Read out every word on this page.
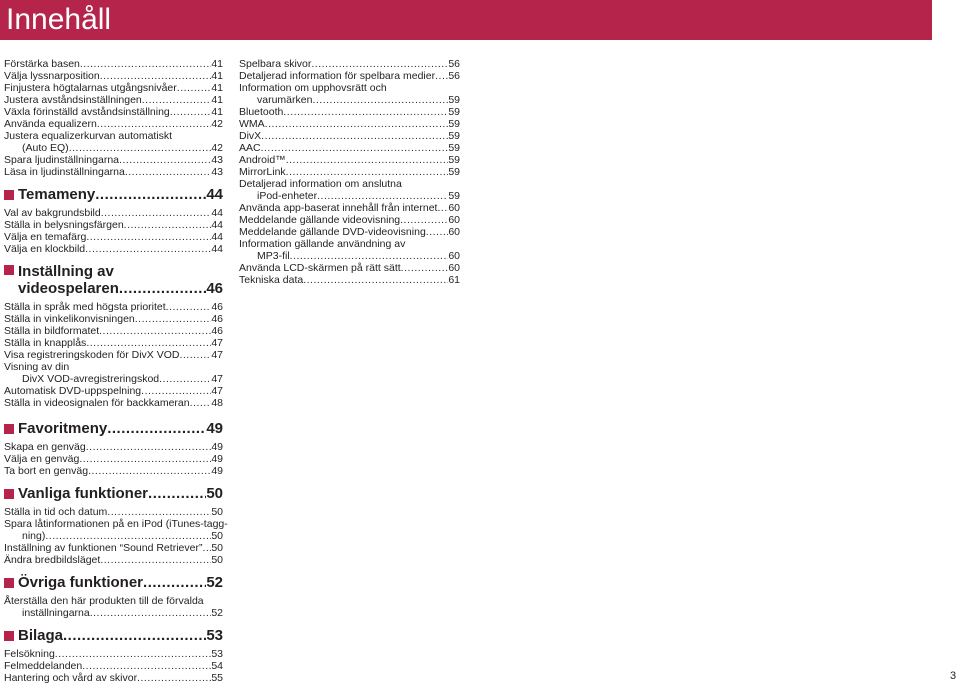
Innehåll
Förstärka basen .....	41
Välja lyssnarposition .....	41
Finjustera högtalarnas utgångsnivåer .....	41
Justera avståndsinställningen .....	41
Växla förinställd avståndsinställning .....	41
Använda equalizern .....	42
Justera equalizerkurvan automatiskt
(Auto EQ) .....	42
Spara ljudinställningarna .....	43
Läsa in ljudinställningarna .....	43
Temameny .....	44
Val av bakgrundsbild .....	44
Ställa in belysningsfärgen .....	44
Välja en temafärg .....	44
Välja en klockbild .....	44
Inställning av
videospelaren .....	46
Ställa in språk med högsta prioritet .....	46
Ställa in vinkelikonvisningen .....	46
Ställa in bildformatet .....	46
Ställa in knapplås .....	47
Visa registreringskoden för DivX VOD .....	47
Visning av din
DivX VOD-avregistreringskod .....	47
Automatisk DVD-uppspelning .....	47
Ställa in videosignalen för backkameran ..... 48
Favoritmeny .....	49
Skapa en genväg .....	49
Välja en genväg .....	49
Ta bort en genväg .....	49
Vanliga funktioner .....	50
Ställa in tid och datum .....	50
Spara låtinformationen på en iPod (iTunes-tagg-
ning) .....	50
Inställning av funktionen “Sound Retriever” ..... 50
Ändra bredbildsläget .....	50
Övriga funktioner .....	52
Återställa den här produkten till de förvalda
inställningarna .....	52
Bilaga .....	53
Felsökning .....	53
Felmeddelanden .....	54
Hantering och vård av skivor .....	55
Spelbara skivor .....	56
Detaljerad information för spelbara medier ..... 56
Information om upphovsrätt och
varumärken .....	59
Bluetooth .....	59
WMA .....	59
DivX .....	59
AAC .....	59
Android™ .....	59
MirrorLink .....	59
Detaljerad information om anslutna
iPod-enheter .....	59
Använda app-baserat innehåll från internet ..... 60
Meddelande gällande videovisning .....	60
Meddelande gällande DVD-videovisning ..... 60
Information gällande användning av
MP3-fil .....	60
Använda LCD-skärmen på rätt sätt .....	60
Tekniska data .....	61
3
